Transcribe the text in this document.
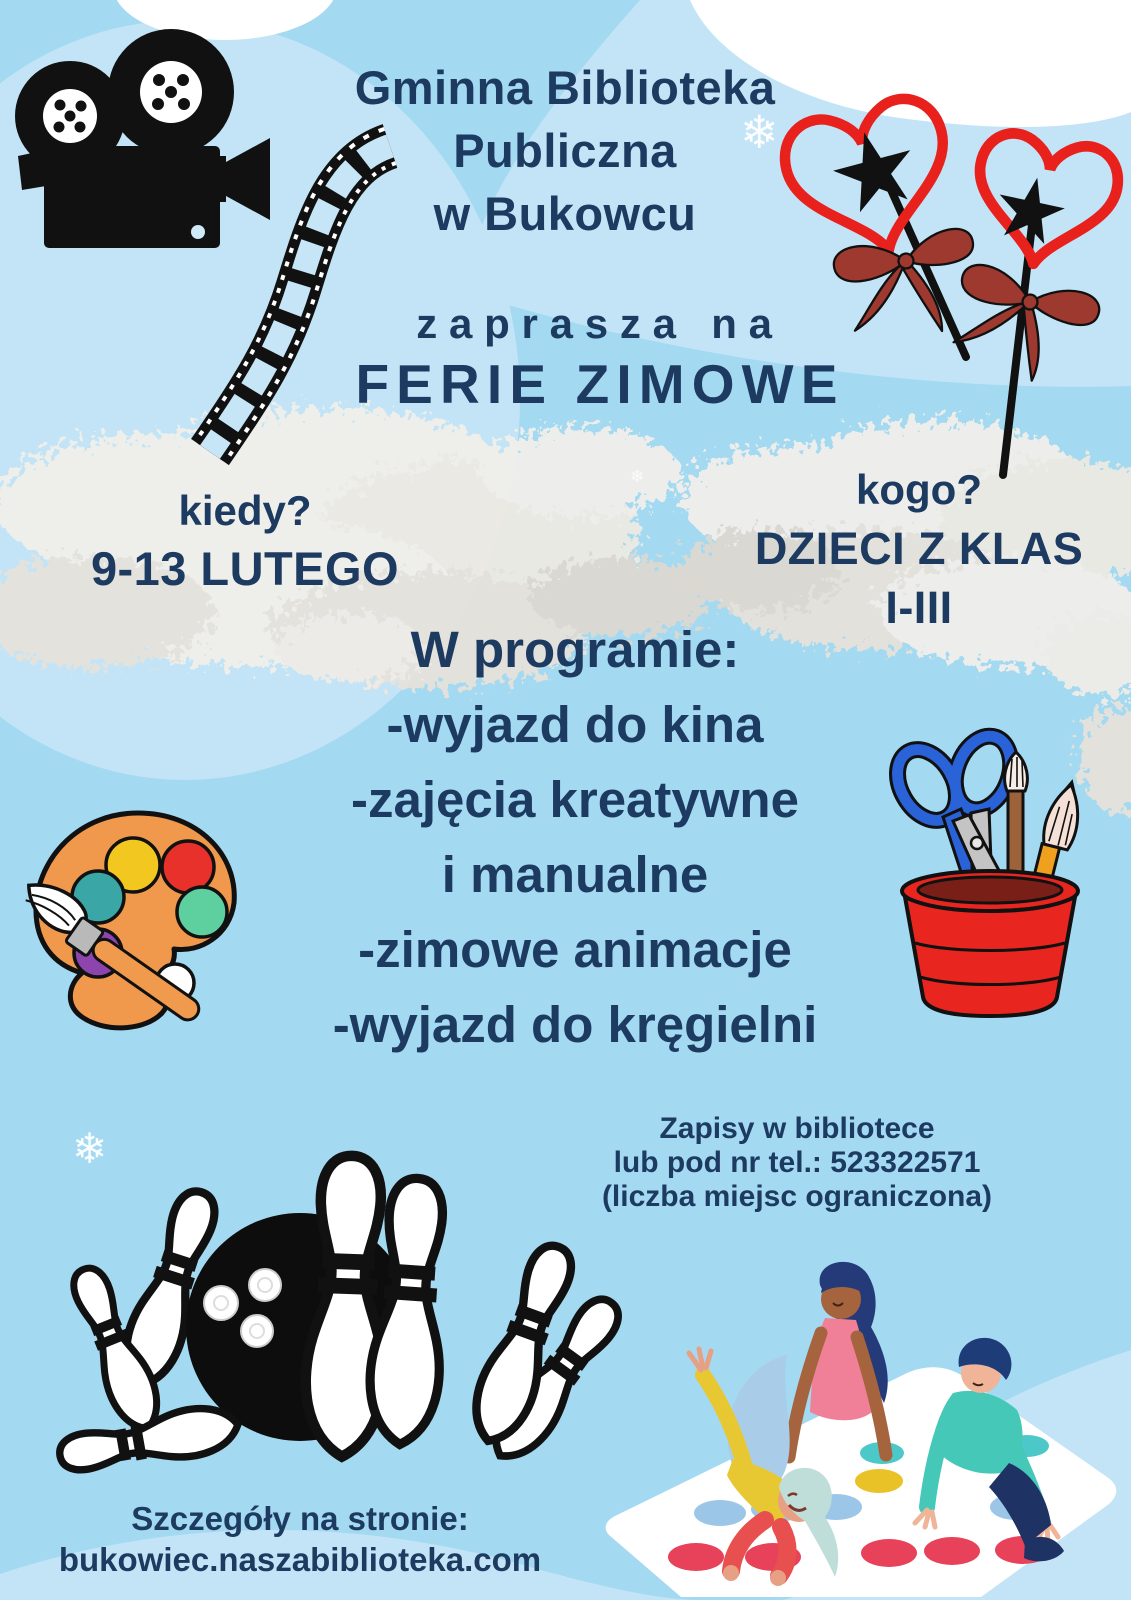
❄
❄
❄
Gminna Biblioteka
Publiczna
w Bukowcu
zaprasza na
FERIE ZIMOWE
kiedy?
9-13 LUTEGO
kogo?
DZIECI Z KLAS
I-III
W programie:
-wyjazd do kina
-zajęcia kreatywne
i manualne
-zimowe animacje
-wyjazd do kręgielni
Zapisy w bibliotece
lub pod nr tel.: 523322571
(liczba miejsc ograniczona)
Szczegóły na stronie:
bukowiec.naszabiblioteka.com
